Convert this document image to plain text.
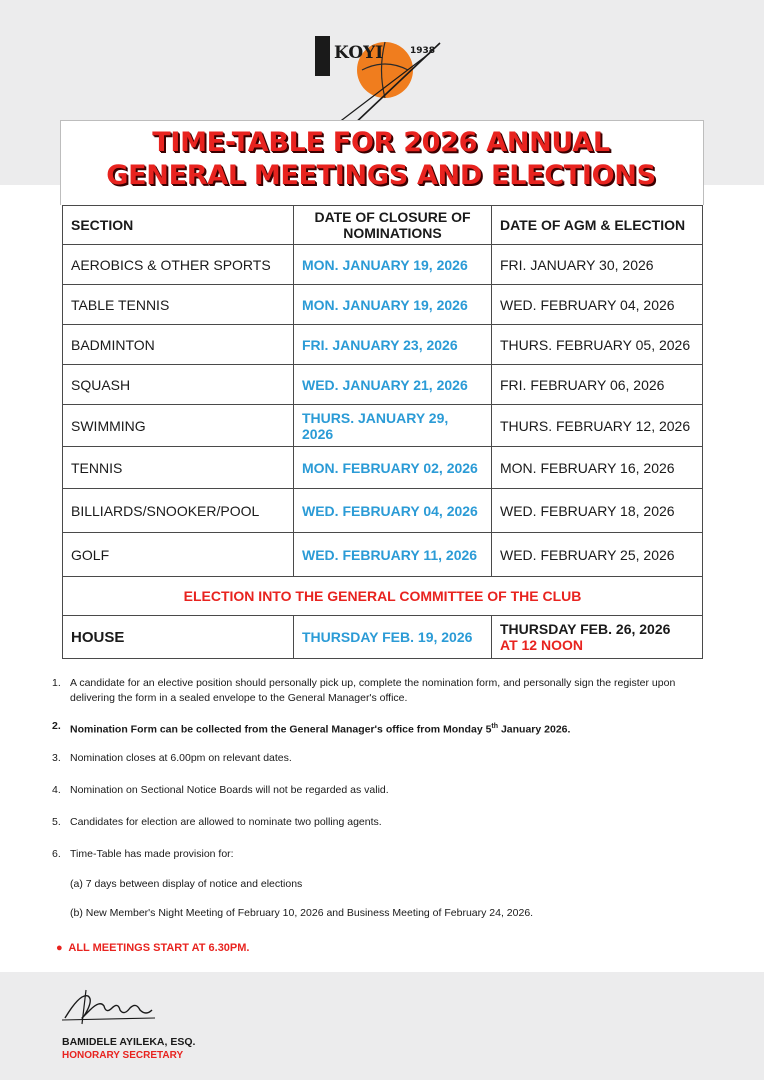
KOYI	1938
TIME-TABLE FOR 2026 ANNUAL
GENERAL MEETINGS AND ELECTIONS
SECTION	DATE OF CLOSURE OF NOMINATIONS	DATE OF AGM & ELECTION
AEROBICS & OTHER SPORTS	MON. JANUARY 19, 2026	FRI. JANUARY 30, 2026
TABLE TENNIS	MON. JANUARY 19, 2026	WED. FEBRUARY 04, 2026
BADMINTON	FRI. JANUARY 23, 2026	THURS. FEBRUARY 05, 2026
SQUASH	WED. JANUARY 21, 2026	FRI. FEBRUARY 06, 2026
SWIMMING	THURS. JANUARY 29, 2026	THURS. FEBRUARY 12, 2026
TENNIS	MON. FEBRUARY 02, 2026	MON. FEBRUARY 16, 2026
BILLIARDS/SNOOKER/POOL	WED. FEBRUARY 04, 2026	WED. FEBRUARY 18, 2026
GOLF	WED. FEBRUARY 11, 2026	WED. FEBRUARY 25, 2026
ELECTION INTO THE GENERAL COMMITTEE OF THE CLUB		
HOUSE	THURSDAY FEB. 19, 2026	THURSDAY FEB. 26, 2026
AT 12 NOON
1. A candidate for an elective position should personally pick up, complete the nomination form, and personally sign the register upon delivering the form in a sealed envelope to the General Manager's office.
2. Nomination Form can be collected from the General Manager's office from Monday 5th January 2026.
3. Nomination closes at 6.00pm on relevant dates.
4. Nomination on Sectional Notice Boards will not be regarded as valid.
5. Candidates for election are allowed to nominate two polling agents.
6. Time-Table has made provision for:
(a) 7 days between display of notice and elections
(b) New Member's Night Meeting of February 10, 2026 and Business Meeting of February 24, 2026.
● ALL MEETINGS START AT 6.30PM.
BAMIDELE AYILEKA, ESQ.
HONORARY SECRETARY
